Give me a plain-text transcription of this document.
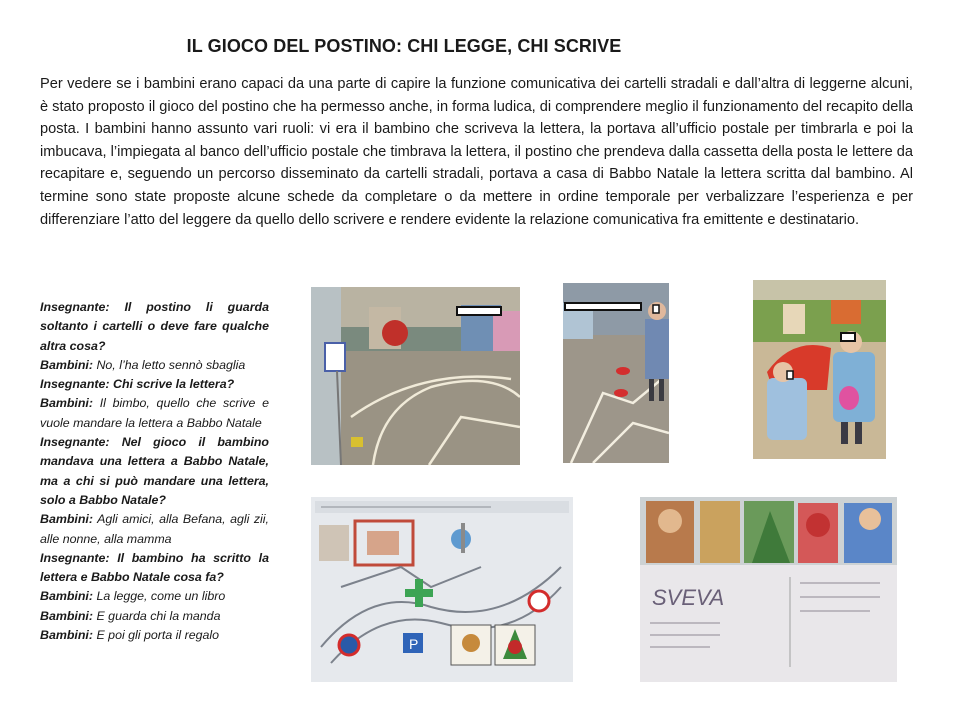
IL GIOCO DEL POSTINO: CHI LEGGE, CHI SCRIVE

Per vedere se i bambini erano capaci da una parte di capire la funzione comunicativa dei cartelli stradali e dall’altra di leggerne alcuni, è stato proposto il gioco del postino che ha permesso anche, in forma ludica, di comprendere meglio il funzionamento del recapito della posta. I bambini hanno assunto vari ruoli: vi era il bambino che scriveva la lettera, la portava all’ufficio postale per timbrarla e poi la imbucava, l’impiegata al banco dell’ufficio postale che timbrava la lettera, il postino che prendeva dalla cassetta della posta le lettere da recapitare e, seguendo un percorso disseminato da cartelli stradali, portava a casa di Babbo Natale la lettera scritta dal bambino. Al termine sono state proposte alcune schede da completare o da mettere in ordine temporale per verbalizzare l’esperienza e per differenziare l’atto del leggere da quello dello scrivere e rendere evidente la relazione comunicativa fra emittente e destinatario.

Insegnante: Il postino li guarda soltanto i cartelli o deve fare qualche altra cosa?

Bambini: No, l’ha letto sennò sbaglia

Insegnante: Chi scrive la lettera?

Bambini: Il bimbo, quello che scrive e vuole mandare la lettera a Babbo Natale

Insegnante: Nel gioco il bambino mandava una lettera a Babbo Natale, ma a chi si può mandare una lettera, solo a Babbo Natale?

Bambini: Agli amici, alla Befana, agli zii, alle nonne, alla mamma

Insegnante: Il bambino ha scritto la lettera e Babbo Natale cosa fa?

Bambini: La legge, come un libro

Bambini: E guarda chi la manda

Bambini: E poi gli porta il regalo

P
SVEVA
